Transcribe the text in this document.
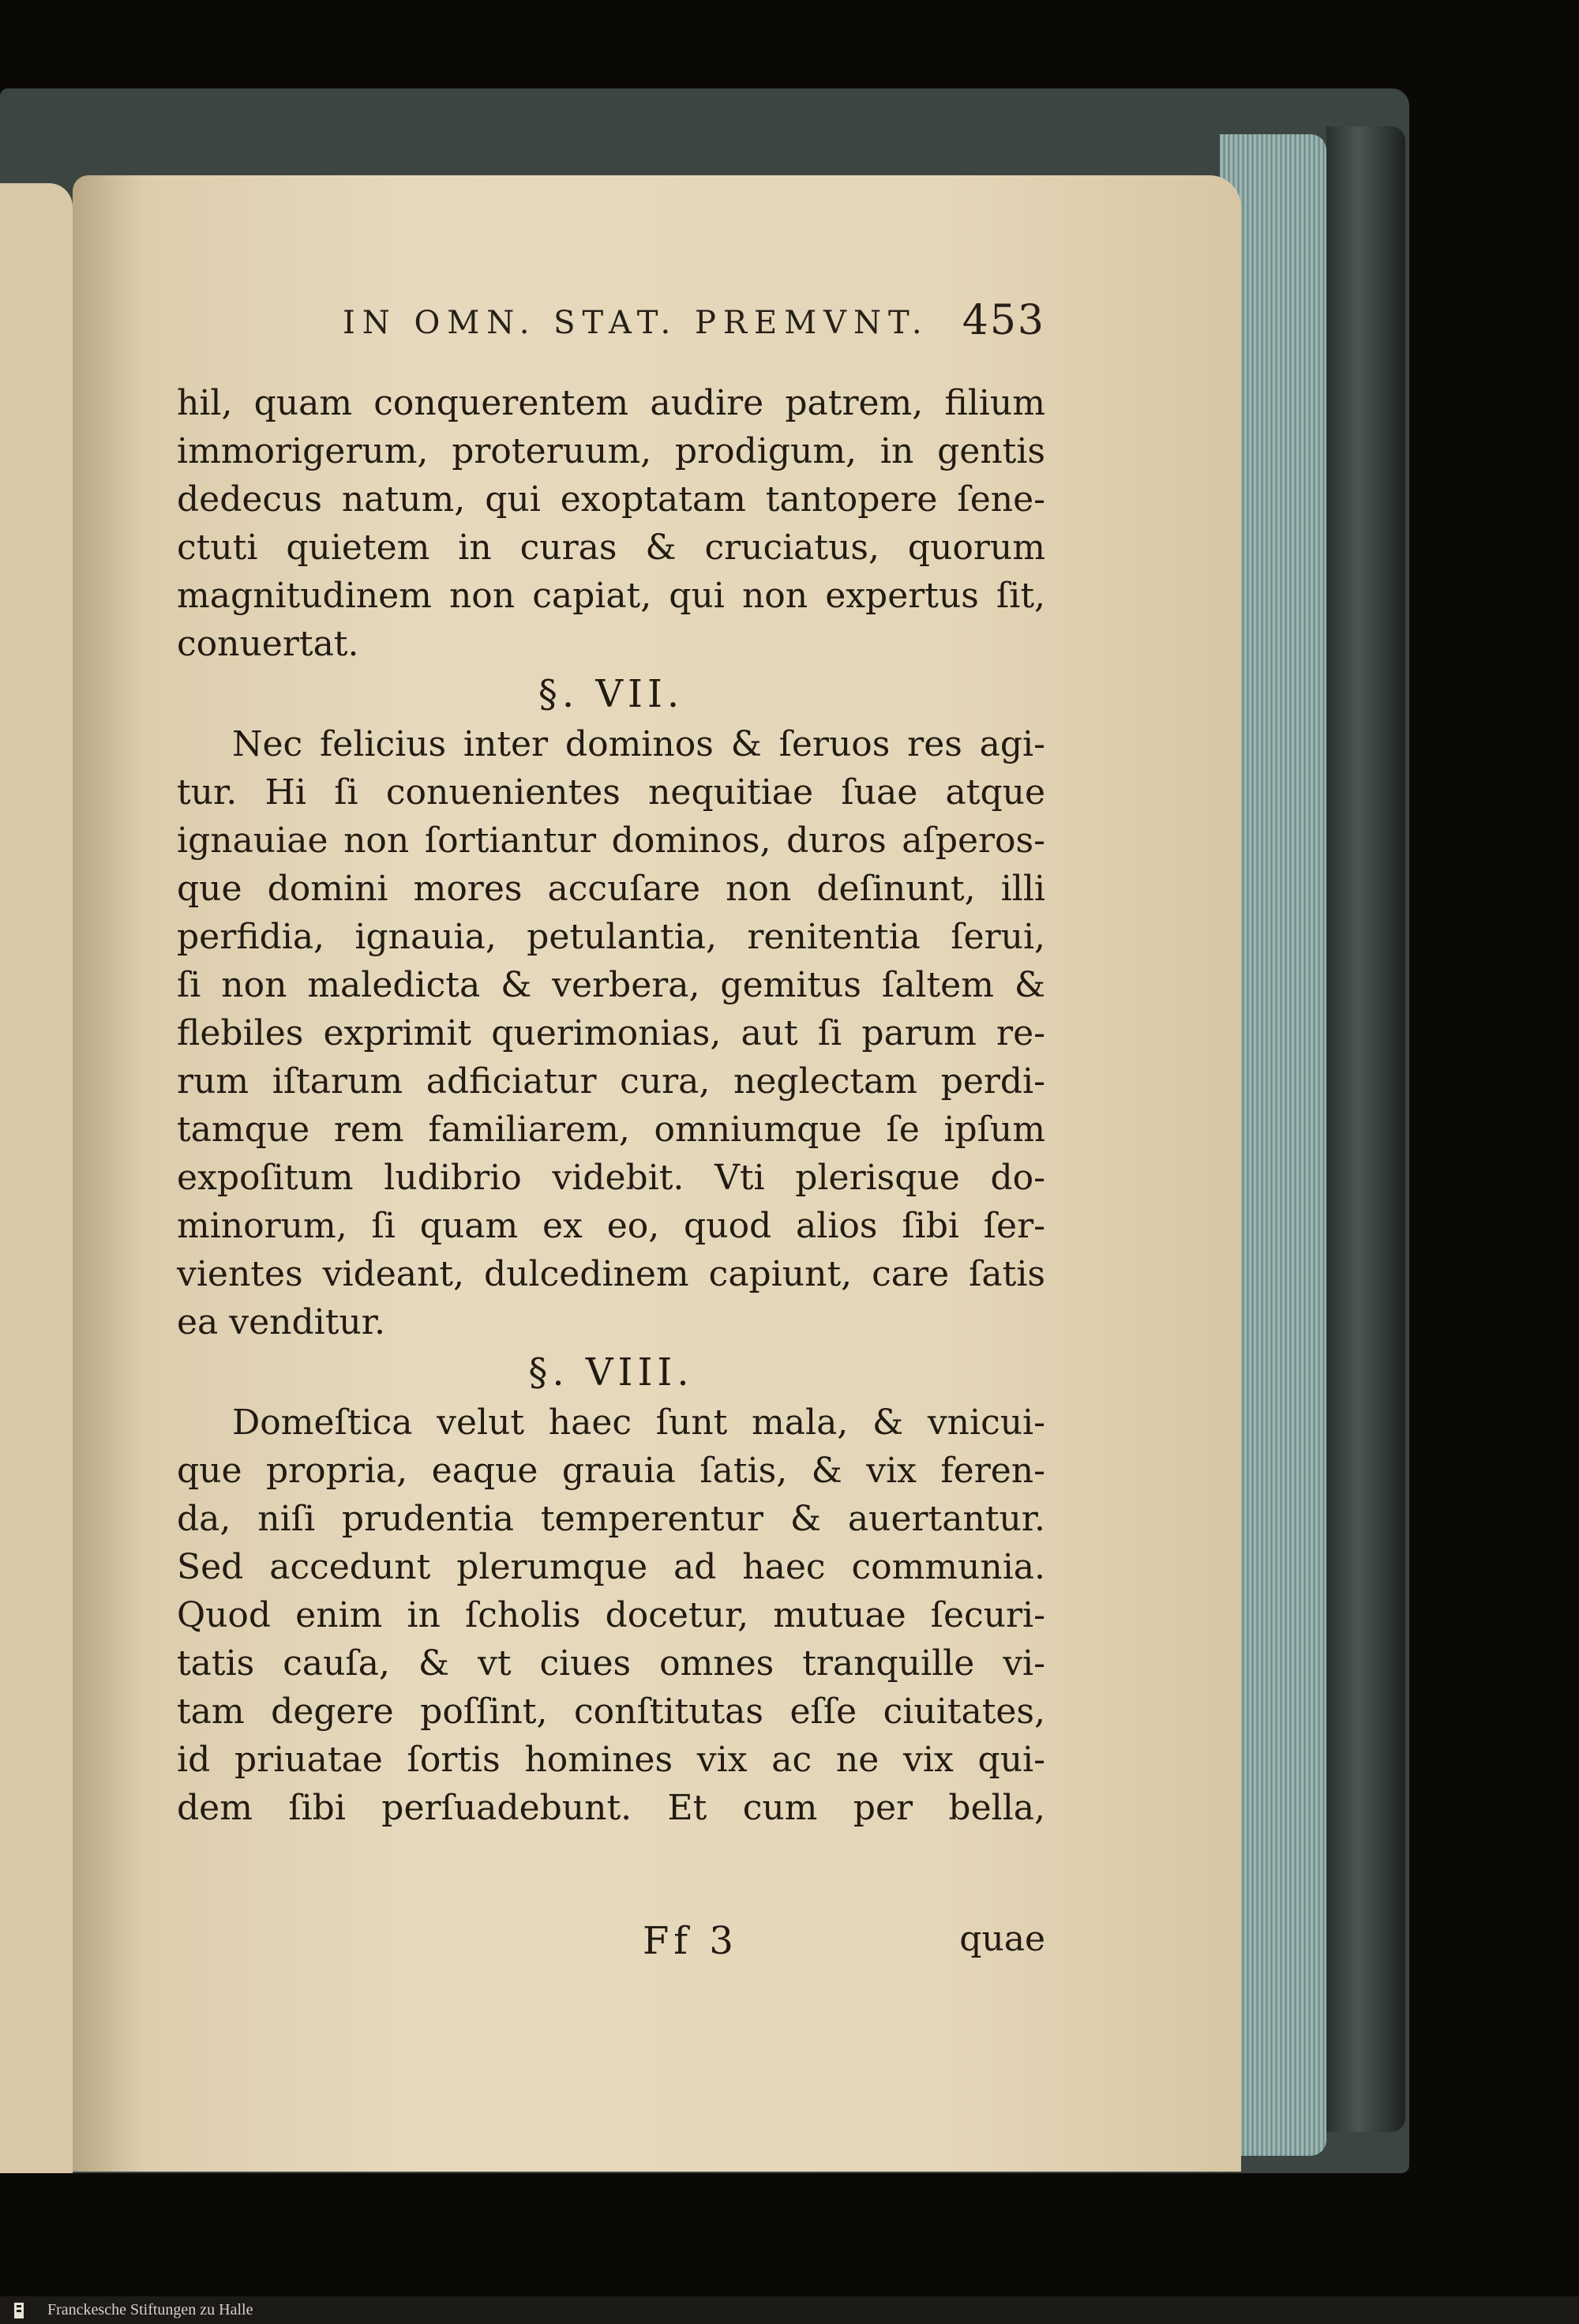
IN OMN. STAT. PREMVNT. 453
hil, quam conquerentem audire patrem, filium
immorigerum, proteruum, prodigum, in gentis
dedecus natum, qui exoptatam tantopere ſene-
ctuti quietem in curas & cruciatus, quorum
magnitudinem non capiat, qui non expertus ſit,
conuertat.
§. VII.
Nec felicius inter dominos & ſeruos res agi-
tur. Hi ſi conuenientes nequitiae ſuae atque
ignauiae non ſortiantur dominos, duros aſperos-
que domini mores accuſare non deſinunt, illi
perfidia, ignauia, petulantia, renitentia ſerui,
ſi non maledicta & verbera, gemitus ſaltem &
flebiles exprimit querimonias, aut ſi parum re-
rum iſtarum adficiatur cura, neglectam perdi-
tamque rem familiarem, omniumque ſe ipſum
expoſitum ludibrio videbit. Vti plerisque do-
minorum, ſi quam ex eo, quod alios ſibi ſer-
vientes videant, dulcedinem capiunt, care ſatis
ea venditur.
§. VIII.
Domeſtica velut haec ſunt mala, & vnicui-
que propria, eaque grauia ſatis, & vix feren-
da, niſi prudentia temperentur & auertantur.
Sed accedunt plerumque ad haec communia.
Quod enim in ſcholis docetur, mutuae ſecuri-
tatis cauſa, & vt ciues omnes tranquille vi-
tam degere poſſint, conſtitutas eſſe ciuitates,
id priuatae ſortis homines vix ac ne vix qui-
dem ſibi perſuadebunt. Et cum per bella,
Ff 3	quae
Franckesche Stiftungen zu Halle
